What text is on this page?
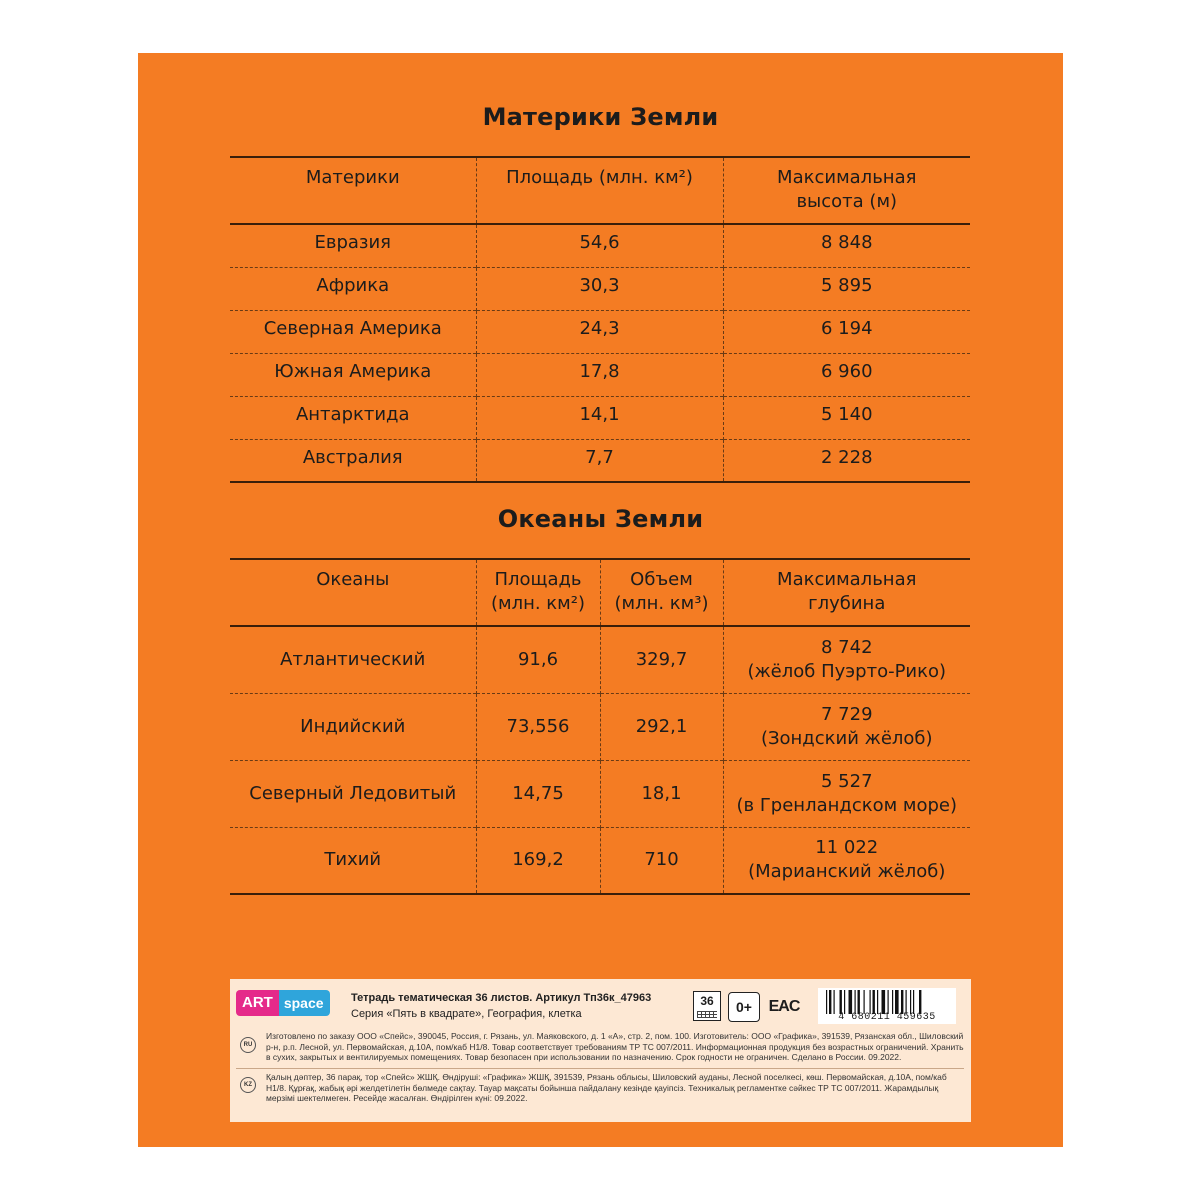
Материки Земли
Материки	Площадь (млн. км²)	Максимальная высота (м)
Евразия	54,6	8 848
Африка	30,3	5 895
Северная Америка	24,3	6 194
Южная Америка	17,8	6 960
Антарктида	14,1	5 140
Австралия	7,7	2 228
Океаны Земли
Океаны	Площадь (млн. км²)	Объем (млн. км³)	Максимальная глубина
Атлантический	91,6	329,7	8 742
(жёлоб Пуэрто-Рико)

Индийский	73,556	292,1	7 729
(Зондский жёлоб)

Северный Ледовитый	14,75	18,1	5 527
(в Гренландском море)

Тихий	169,2	710	11 022
(Марианский жёлоб)
ART space	Тетрадь тематическая 36 листов. Артикул Тп36к_47963
Серия «Пять в квадрате», География, клетка
36	0+	EAC
4 680211 459635
RU
Изготовлено по заказу ООО «Спейс», 390045, Россия, г. Рязань, ул. Маяковского, д. 1 «А», стр. 2, пом. 100. Изготовитель: ООО «Графика», 391539, Рязанская обл., Шиловский р-н, р.п. Лесной, ул. Первомайская, д.10А, пом/каб Н1/8. Товар соответствует требованиям ТР ТС 007/2011. Информационная продукция без возрастных ограничений. Хранить в сухих, закрытых и вентилируемых помещениях. Товар безопасен при использовании по назначению. Срок годности не ограничен. Сделано в России. 09.2022.
KZ
Қалың дәптер, 36 парақ, тор «Спейс» ЖШҚ. Өндіруші: «Графика» ЖШҚ, 391539, Рязань облысы, Шиловский ауданы, Лесной поселкесі, көш. Первомайская, д.10А, пом/каб Н1/8. Құрғақ, жабық әрі желдетілетін бөлмеде сақтау. Тауар мақсаты бойынша пайдалану кезінде қауіпсіз. Техникалық регламентке сәйкес ТР ТС 007/2011. Жарамдылық мерзімі шектелмеген. Ресейде жасалған. Өндірілген күні: 09.2022.
